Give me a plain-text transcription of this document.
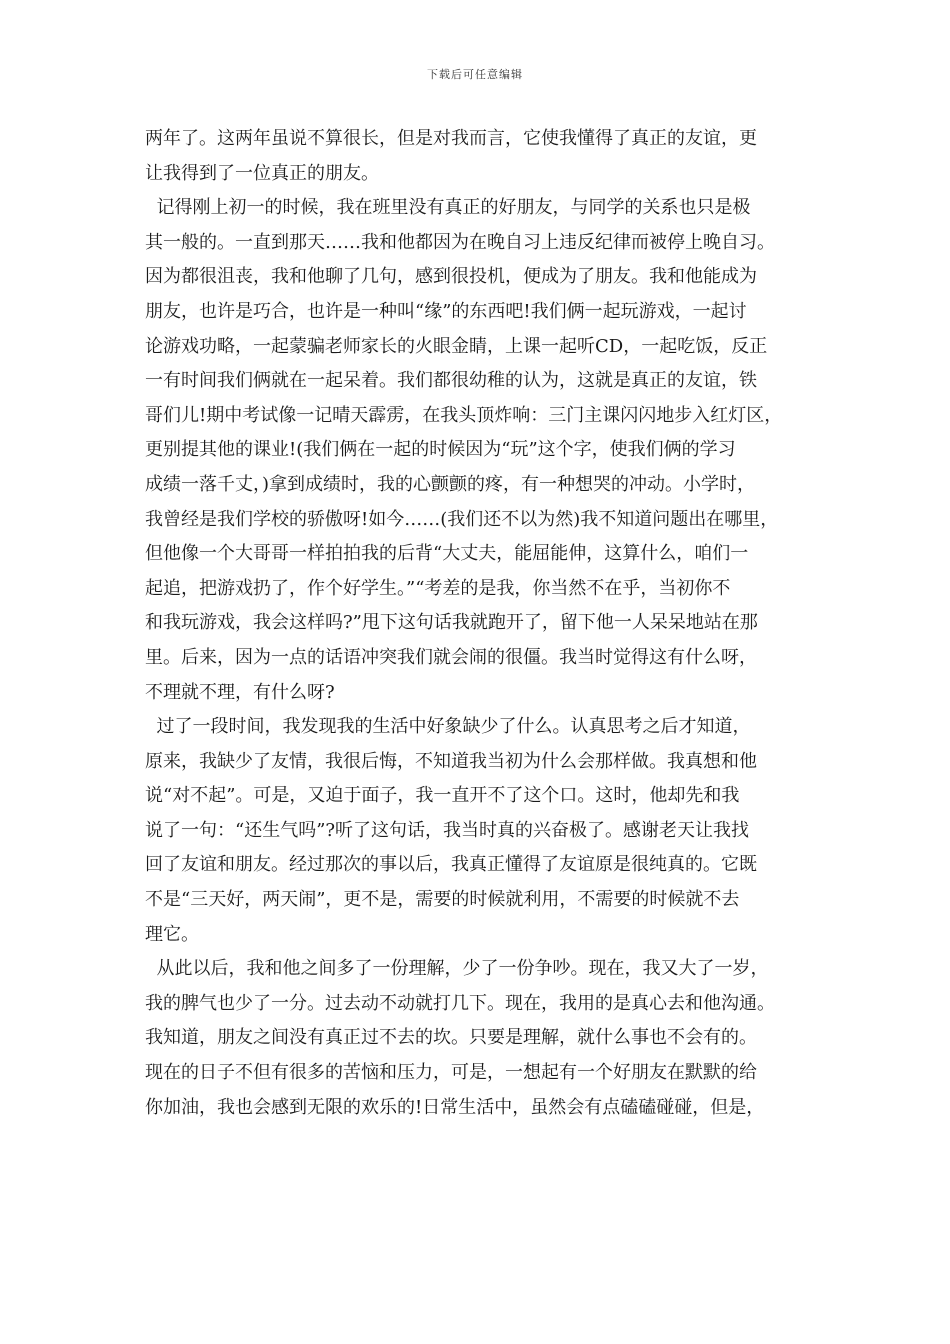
下载后可任意编辑

两年了。这两年虽说不算很长，但是对我而言，它使我懂得了真正的友谊，更
让我得到了一位真正的朋友。

记得刚上初一的时候，我在班里没有真正的好朋友，与同学的关系也只是极
其一般的。一直到那天……我和他都因为在晚自习上违反纪律而被停上晚自习。
因为都很沮丧，我和他聊了几句，感到很投机，便成为了朋友。我和他能成为
朋友，也许是巧合，也许是一种叫“缘”的东西吧!我们俩一起玩游戏，一起讨
论游戏功略，一起蒙骗老师家长的火眼金睛，上课一起听CD，一起吃饭，反正
一有时间我们俩就在一起呆着。我们都很幼稚的认为，这就是真正的友谊，铁
哥们儿!期中考试像一记晴天霹雳，在我头顶炸响：三门主课闪闪地步入红灯区，
更别提其他的课业!(我们俩在一起的时候因为“玩”这个字，使我们俩的学习
成绩一落千丈，)拿到成绩时，我的心颤颤的疼，有一种想哭的冲动。小学时，
我曾经是我们学校的骄傲呀!如今……(我们还不以为然)我不知道问题出在哪里，
但他像一个大哥哥一样拍拍我的后背“大丈夫，能屈能伸，这算什么，咱们一
起追，把游戏扔了，作个好学生。”“考差的是我，你当然不在乎，当初你不
和我玩游戏，我会这样吗?”甩下这句话我就跑开了，留下他一人呆呆地站在那
里。后来，因为一点的话语冲突我们就会闹的很僵。我当时觉得这有什么呀，
不理就不理，有什么呀?

过了一段时间，我发现我的生活中好象缺少了什么。认真思考之后才知道，
原来，我缺少了友情，我很后悔，不知道我当初为什么会那样做。我真想和他
说“对不起”。可是，又迫于面子，我一直开不了这个口。这时，他却先和我
说了一句：“还生气吗”?听了这句话，我当时真的兴奋极了。感谢老天让我找
回了友谊和朋友。经过那次的事以后，我真正懂得了友谊原是很纯真的。它既
不是“三天好，两天闹”，更不是，需要的时候就利用，不需要的时候就不去
理它。

从此以后，我和他之间多了一份理解，少了一份争吵。现在，我又大了一岁，
我的脾气也少了一分。过去动不动就打几下。现在，我用的是真心去和他沟通。
我知道，朋友之间没有真正过不去的坎。只要是理解，就什么事也不会有的。
现在的日子不但有很多的苦恼和压力，可是，一想起有一个好朋友在默默的给
你加油，我也会感到无限的欢乐的!日常生活中，虽然会有点磕磕碰碰，但是，
